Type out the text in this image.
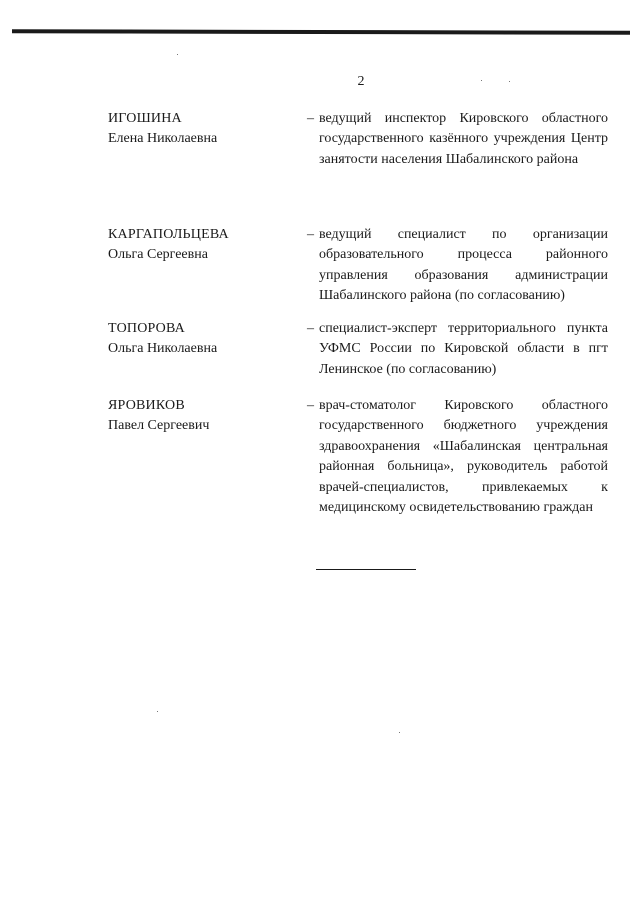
2
ИГОШИНА
Елена Николаевна
– ведущий инспектор Кировского областного государственного казённого учреждения Центр занятости населения Шабалинского района
КАРГАПОЛЬЦЕВА
Ольга Сергеевна
– ведущий специалист по организации образовательного процесса районного управления образования администрации Шабалинского района (по согласованию)
ТОПОРОВА
Ольга Николаевна
– специалист-эксперт территориального пункта УФМС России по Кировской области в пгт Ленинское (по согласованию)
ЯРОВИКОВ
Павел Сергеевич
– врач-стоматолог Кировского областного государственного бюджетного учреждения здравоохранения «Шабалинская центральная районная больница», руководитель работой врачей-специалистов, привлекаемых к медицинскому освидетельствованию граждан
